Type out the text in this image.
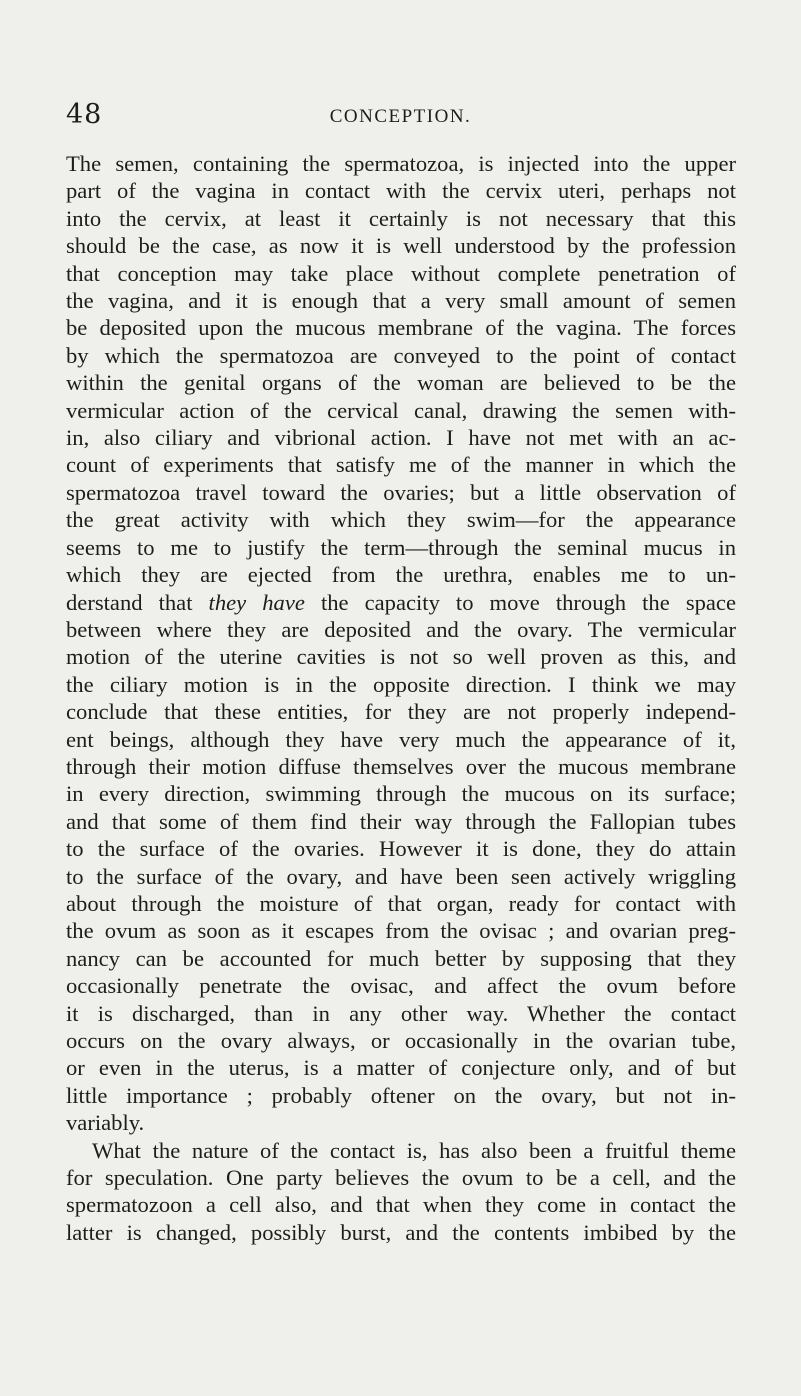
48	CONCEPTION.
The semen, containing the spermatozoa, is injected into the upper
part of the vagina in contact with the cervix uteri, perhaps not
into the cervix, at least it certainly is not necessary that this
should be the case, as now it is well understood by the profession
that conception may take place without complete penetration of
the vagina, and it is enough that a very small amount of semen
be deposited upon the mucous membrane of the vagina. The forces
by which the spermatozoa are conveyed to the point of contact
within the genital organs of the woman are believed to be the
vermicular action of the cervical canal, drawing the semen with-
in, also ciliary and vibrional action. I have not met with an ac-
count of experiments that satisfy me of the manner in which the
spermatozoa travel toward the ovaries; but a little observation of
the great activity with which they swim—for the appearance
seems to me to justify the term—through the seminal mucus in
which they are ejected from the urethra, enables me to un-
derstand that they have the capacity to move through the space
between where they are deposited and the ovary. The vermicular
motion of the uterine cavities is not so well proven as this, and
the ciliary motion is in the opposite direction. I think we may
conclude that these entities, for they are not properly independ-
ent beings, although they have very much the appearance of it,
through their motion diffuse themselves over the mucous membrane
in every direction, swimming through the mucous on its surface;
and that some of them find their way through the Fallopian tubes
to the surface of the ovaries. However it is done, they do attain
to the surface of the ovary, and have been seen actively wriggling
about through the moisture of that organ, ready for contact with
the ovum as soon as it escapes from the ovisac ; and ovarian preg-
nancy can be accounted for much better by supposing that they
occasionally penetrate the ovisac, and affect the ovum before
it is discharged, than in any other way. Whether the contact
occurs on the ovary always, or occasionally in the ovarian tube,
or even in the uterus, is a matter of conjecture only, and of but
little importance ; probably oftener on the ovary, but not in-
variably.
What the nature of the contact is, has also been a fruitful theme
for speculation. One party believes the ovum to be a cell, and the
spermatozoon a cell also, and that when they come in contact the
latter is changed, possibly burst, and the contents imbibed by the
